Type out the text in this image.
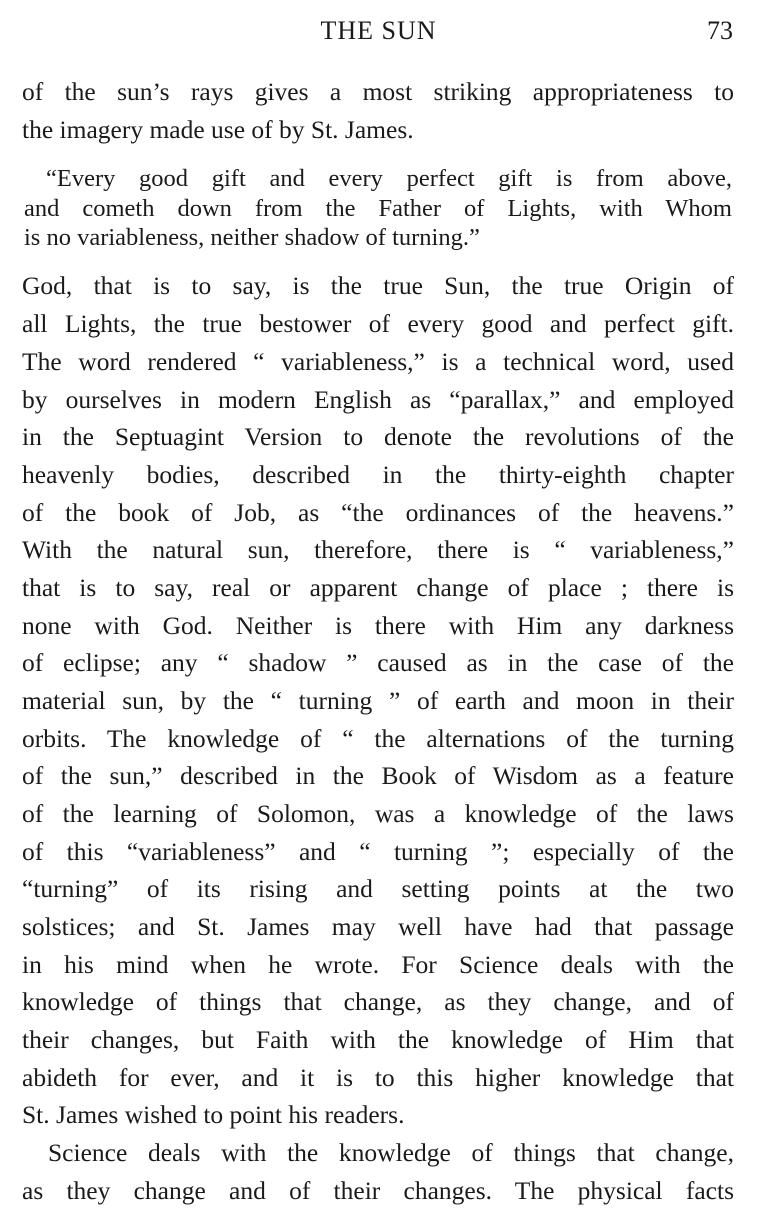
THE SUN	73
of the sun’s rays gives a most striking appropriateness to
the imagery made use of by St. James.
“Every good gift and every perfect gift is from above,
and cometh down from the Father of Lights, with Whom
is no variableness, neither shadow of turning.”
God, that is to say, is the true Sun, the true Origin of
all Lights, the true bestower of every good and perfect gift.
The word rendered “ variableness,” is a technical word, used
by ourselves in modern English as “parallax,” and employed
in the Septuagint Version to denote the revolutions of the
heavenly bodies, described in the thirty-eighth chapter
of the book of Job, as “the ordinances of the heavens.”
With the natural sun, therefore, there is “ variableness,”
that is to say, real or apparent change of place ; there is
none with God. Neither is there with Him any darkness
of eclipse; any “ shadow ” caused as in the case of the
material sun, by the “ turning ” of earth and moon in their
orbits. The knowledge of “ the alternations of the turning
of the sun,” described in the Book of Wisdom as a feature
of the learning of Solomon, was a knowledge of the laws
of this “variableness” and “ turning ”; especially of the
“turning” of its rising and setting points at the two
solstices; and St. James may well have had that passage
in his mind when he wrote. For Science deals with the
knowledge of things that change, as they change, and of
their changes, but Faith with the knowledge of Him that
abideth for ever, and it is to this higher knowledge that
St. James wished to point his readers.
Science deals with the knowledge of things that change,
as they change and of their changes. The physical facts
